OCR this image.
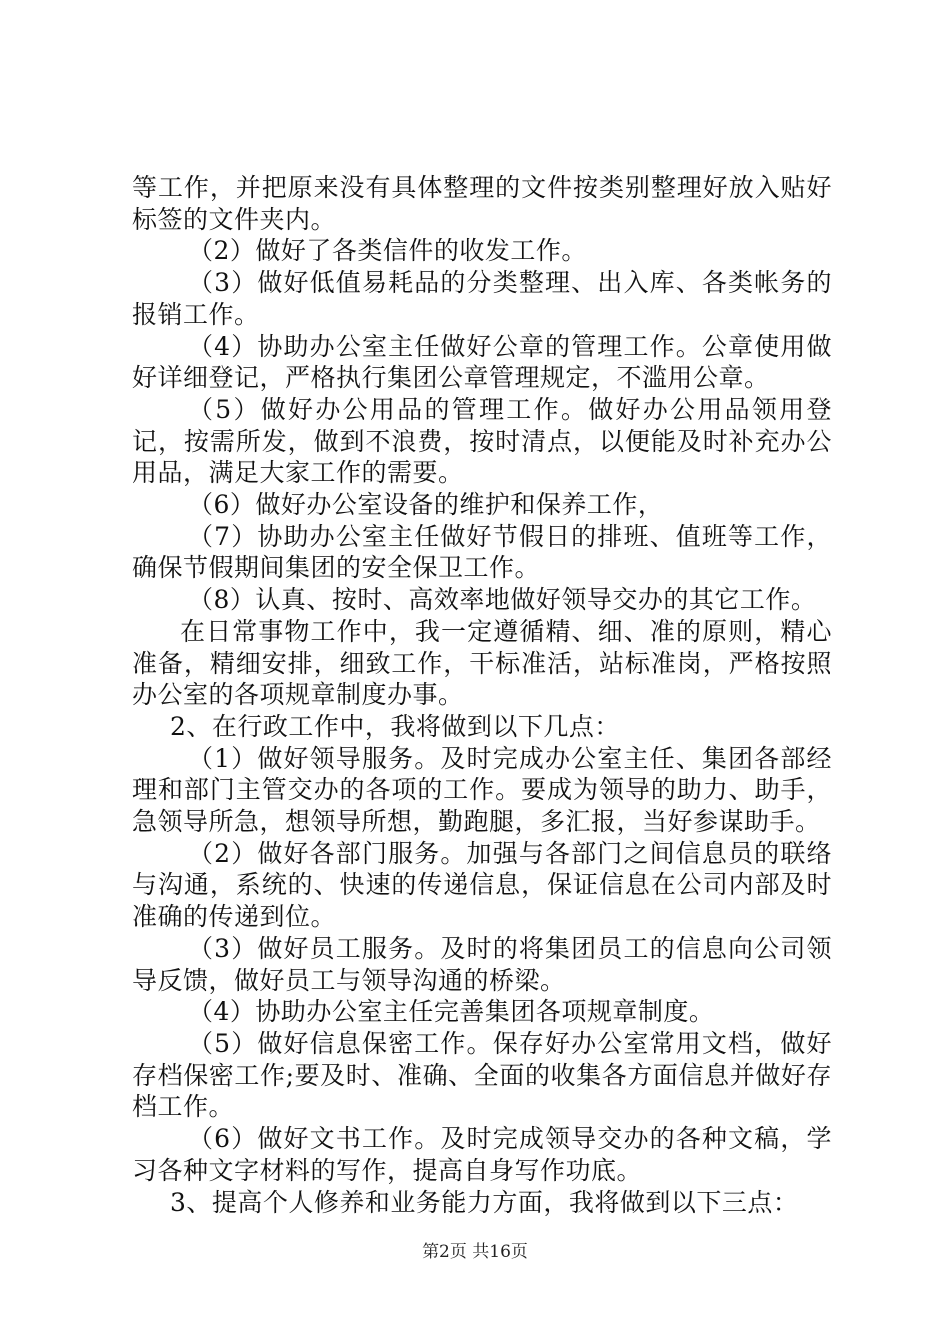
等工作，并把原来没有具体整理的文件按类别整理好放入贴好标签的文件夹内。

（2）做好了各类信件的收发工作。

（3）做好低值易耗品的分类整理、出入库、各类帐务的报销工作。

（4）协助办公室主任做好公章的管理工作。公章使用做好详细登记，严格执行集团公章管理规定，不滥用公章。

（5）做好办公用品的管理工作。做好办公用品领用登记，按需所发，做到不浪费，按时清点，以便能及时补充办公用品，满足大家工作的需要。

（6）做好办公室设备的维护和保养工作，

（7）协助办公室主任做好节假日的排班、值班等工作，确保节假期间集团的安全保卫工作。

（8）认真、按时、高效率地做好领导交办的其它工作。

在日常事物工作中，我一定遵循精、细、准的原则，精心准备，精细安排，细致工作，干标准活，站标准岗，严格按照办公室的各项规章制度办事。

2、在行政工作中，我将做到以下几点：

（1）做好领导服务。及时完成办公室主任、集团各部经理和部门主管交办的各项的工作。要成为领导的助力、助手，急领导所急，想领导所想，勤跑腿，多汇报，当好参谋助手。

（2）做好各部门服务。加强与各部门之间信息员的联络与沟通，系统的、快速的传递信息，保证信息在公司内部及时准确的传递到位。

（3）做好员工服务。及时的将集团员工的信息向公司领导反馈，做好员工与领导沟通的桥梁。

（4）协助办公室主任完善集团各项规章制度。

（5）做好信息保密工作。保存好办公室常用文档，做好存档保密工作;要及时、准确、全面的收集各方面信息并做好存档工作。

（6）做好文书工作。及时完成领导交办的各种文稿，学习各种文字材料的写作，提高自身写作功底。

3、提高个人修养和业务能力方面，我将做到以下三点：

第2页 共16页
